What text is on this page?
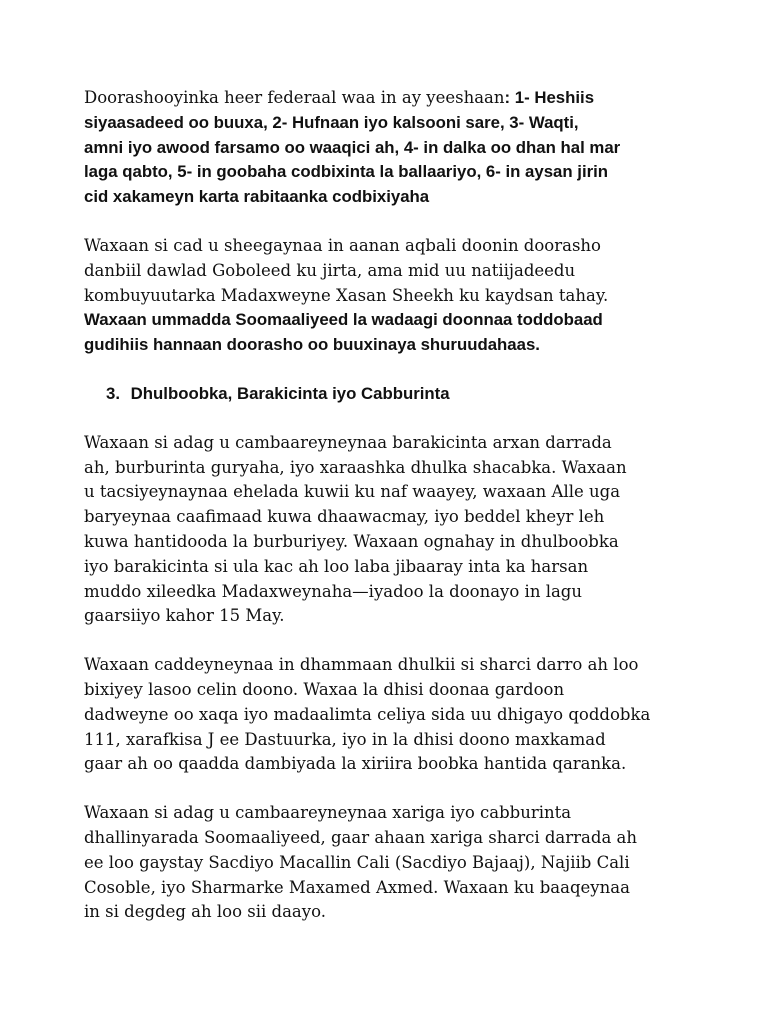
Doorashooyinka heer federaal waa in ay yeeshaan: 1- Heshiis
siyaasadeed oo buuxa, 2- Hufnaan iyo kalsooni sare, 3- Waqti,
amni iyo awood farsamo oo waaqici ah, 4- in dalka oo dhan hal mar
laga qabto, 5- in goobaha codbixinta la ballaariyo, 6- in aysan jirin
cid xakameyn karta rabitaanka codbixiyaha

Waxaan si cad u sheegaynaa in aanan aqbali doonin doorasho
danbiil dawlad Goboleed ku jirta, ama mid uu natiijadeedu
kombuyuutarka Madaxweyne Xasan Sheekh ku kaydsan tahay.
Waxaan ummadda Soomaaliyeed la wadaagi doonnaa toddobaad
gudihiis hannaan doorasho oo buuxinaya shuruudahaas.

3. Dhulboobka, Barakicinta iyo Cabburinta

Waxaan si adag u cambaareyneynaa barakicinta arxan darrada
ah, burburinta guryaha, iyo xaraashka dhulka shacabka. Waxaan
u tacsiyeynaynaa ehelada kuwii ku naf waayey, waxaan Alle uga
baryeynaa caafimaad kuwa dhaawacmay, iyo beddel kheyr leh
kuwa hantidooda la burburiyey. Waxaan ognahay in dhulboobka
iyo barakicinta si ula kac ah loo laba jibaaray inta ka harsan
muddo xileedka Madaxweynaha—iyadoo la doonayo in lagu
gaarsiiyo kahor 15 May.

Waxaan caddeyneynaa in dhammaan dhulkii si sharci darro ah loo
bixiyey lasoo celin doono. Waxaa la dhisi doonaa gardoon
dadweyne oo xaqa iyo madaalimta celiya sida uu dhigayo qoddobka
111, xarafkisa J ee Dastuurka, iyo in la dhisi doono maxkamad
gaar ah oo qaadda dambiyada la xiriira boobka hantida qaranka.

Waxaan si adag u cambaareyneynaa xariga iyo cabburinta
dhallinyarada Soomaaliyeed, gaar ahaan xariga sharci darrada ah
ee loo gaystay Sacdiyo Macallin Cali (Sacdiyo Bajaaj), Najiib Cali
Cosoble, iyo Sharmarke Maxamed Axmed. Waxaan ku baaqeynaa
in si degdeg ah loo sii daayo.
